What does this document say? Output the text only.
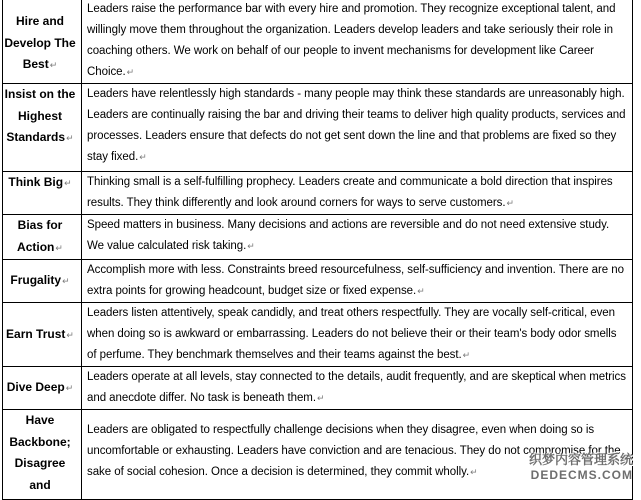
Hire and Develop The Best↵	Leaders raise the performance bar with every hire and promotion. They recognize exceptional talent, and willingly move them throughout the organization. Leaders develop leaders and take seriously their role in coaching others. We work on behalf of our people to invent mechanisms for development like Career Choice.↵

Insist on the Highest Standards↵	Leaders have relentlessly high standards - many people may think these standards are unreasonably high. Leaders are continually raising the bar and driving their teams to deliver high quality products, services and processes. Leaders ensure that defects do not get sent down the line and that problems are fixed so they stay fixed.↵

Think Big↵	Thinking small is a self-fulfilling prophecy. Leaders create and communicate a bold direction that inspires results. They think differently and look around corners for ways to serve customers.↵

Bias for Action↵	Speed matters in business. Many decisions and actions are reversible and do not need extensive study. We value calculated risk taking.↵

Frugality↵	Accomplish more with less. Constraints breed resourcefulness, self-sufficiency and invention. There are no extra points for growing headcount, budget size or fixed expense.↵

Earn Trust↵	Leaders listen attentively, speak candidly, and treat others respectfully. They are vocally self-critical, even when doing so is awkward or embarrassing. Leaders do not believe their or their team's body odor smells of perfume. They benchmark themselves and their teams against the best.↵

Dive Deep↵	Leaders operate at all levels, stay connected to the details, audit frequently, and are skeptical when metrics and anecdote differ. No task is beneath them.↵

Have Backbone; Disagree and	Leaders are obligated to respectfully challenge decisions when they disagree, even when doing so is uncomfortable or exhausting. Leaders have conviction and are tenacious. They do not compromise for the sake of social cohesion. Once a decision is determined, they commit wholly.↵
织梦内容管理系统
DEDECMS.COM
